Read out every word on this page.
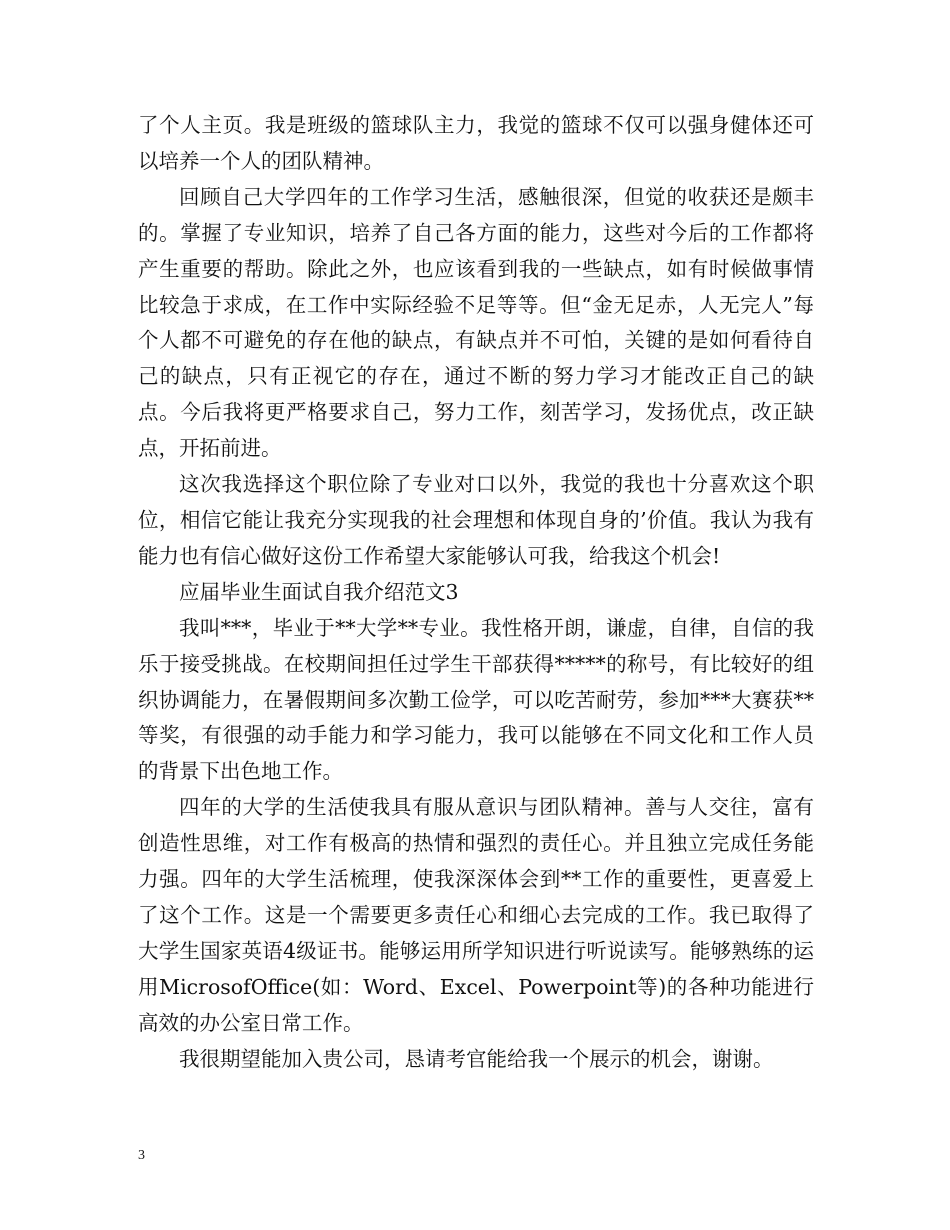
了个人主页。我是班级的篮球队主力，我觉的篮球不仅可以强身健体还可以培养一个人的团队精神。

回顾自己大学四年的工作学习生活，感触很深，但觉的收获还是颇丰的。掌握了专业知识，培养了自己各方面的能力，这些对今后的工作都将产生重要的帮助。除此之外，也应该看到我的一些缺点，如有时候做事情比较急于求成，在工作中实际经验不足等等。但“金无足赤，人无完人”每个人都不可避免的存在他的缺点，有缺点并不可怕，关键的是如何看待自己的缺点，只有正视它的存在，通过不断的努力学习才能改正自己的缺点。今后我将更严格要求自己，努力工作，刻苦学习，发扬优点，改正缺点，开拓前进。

这次我选择这个职位除了专业对口以外，我觉的我也十分喜欢这个职位，相信它能让我充分实现我的社会理想和体现自身的’价值。我认为我有能力也有信心做好这份工作希望大家能够认可我，给我这个机会!

应届毕业生面试自我介绍范文3

我叫***，毕业于**大学**专业。我性格开朗，谦虚，自律，自信的我乐于接受挑战。在校期间担任过学生干部获得*****的称号，有比较好的组织协调能力，在暑假期间多次勤工俭学，可以吃苦耐劳，参加***大赛获**等奖，有很强的动手能力和学习能力，我可以能够在不同文化和工作人员的背景下出色地工作。

四年的大学的生活使我具有服从意识与团队精神。善与人交往，富有创造性思维，对工作有极高的热情和强烈的责任心。并且独立完成任务能力强。四年的大学生活梳理，使我深深体会到**工作的重要性，更喜爱上了这个工作。这是一个需要更多责任心和细心去完成的工作。我已取得了大学生国家英语4级证书。能够运用所学知识进行听说读写。能够熟练的运用MicrosofOffice(如：Word、Excel、Powerpoint等)的各种功能进行高效的办公室日常工作。

我很期望能加入贵公司，恳请考官能给我一个展示的机会，谢谢。

3
